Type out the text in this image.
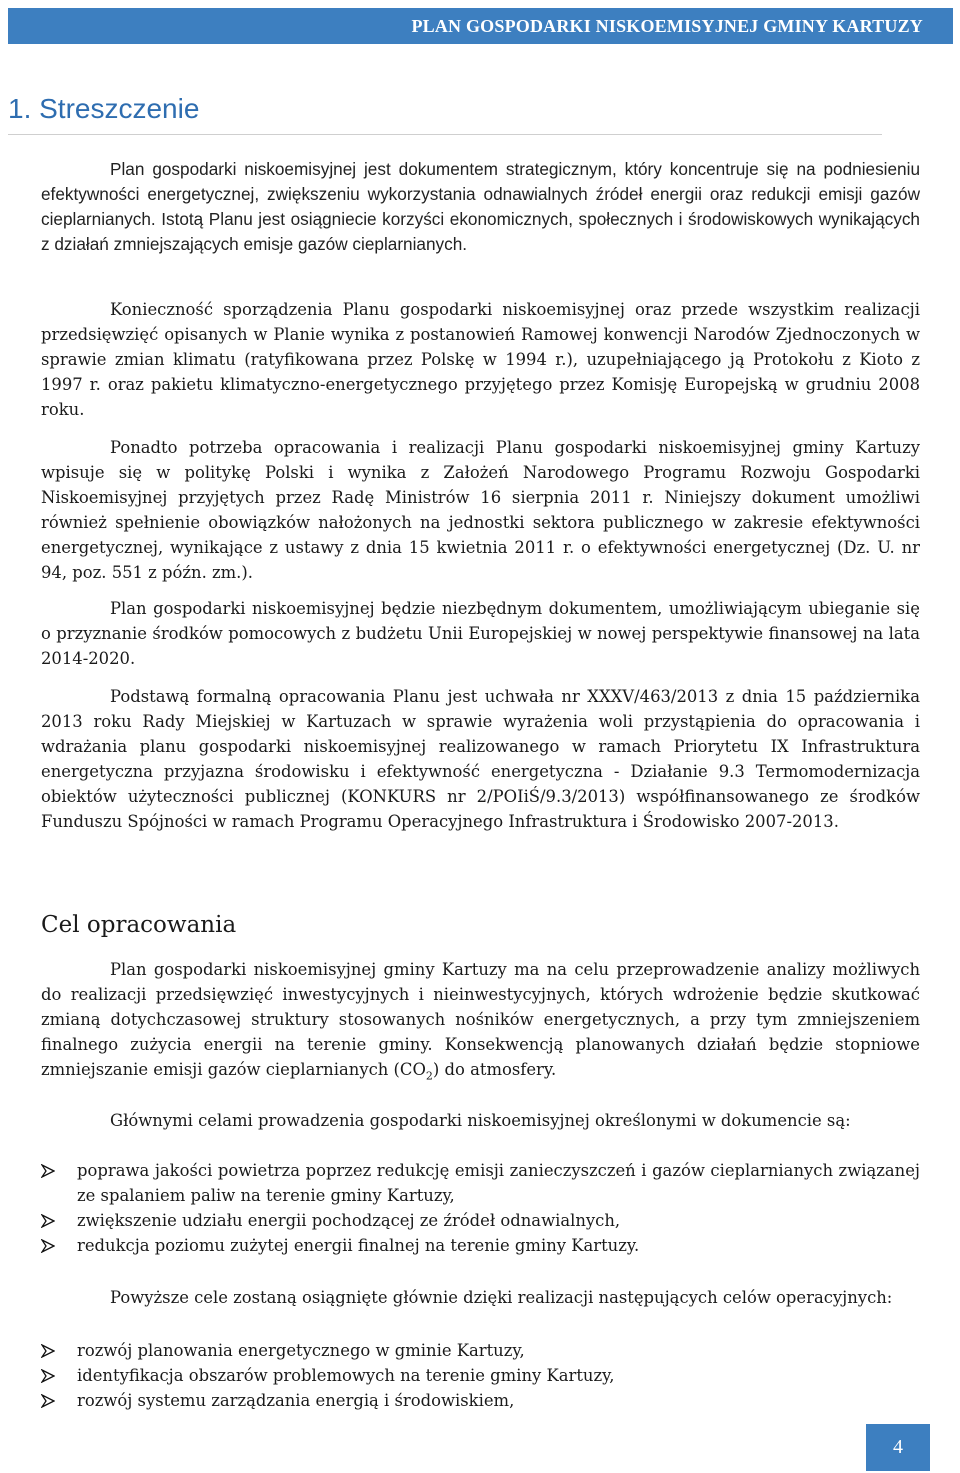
PLAN GOSPODARKI NISKOEMISYJNEJ GMINY KARTUZY
1. Streszczenie

Plan gospodarki niskoemisyjnej jest dokumentem strategicznym, który koncentruje się na podniesieniu efektywności energetycznej, zwiększeniu wykorzystania odnawialnych źródeł energii oraz redukcji emisji gazów cieplarnianych. Istotą Planu jest osiągniecie korzyści ekonomicznych, społecznych i środowiskowych wynikających z działań zmniejszających emisje gazów cieplarnianych.

Konieczność sporządzenia Planu gospodarki niskoemisyjnej oraz przede wszystkim realizacji przedsięwzięć opisanych w Planie wynika z postanowień Ramowej konwencji Narodów Zjednoczonych w sprawie zmian klimatu (ratyfikowana przez Polskę w 1994 r.), uzupełniającego ją Protokołu z Kioto z 1997 r. oraz pakietu klimatyczno-energetycznego przyjętego przez Komisję Europejską w grudniu 2008 roku.

Ponadto potrzeba opracowania i realizacji Planu gospodarki niskoemisyjnej gminy Kartuzy wpisuje się w politykę Polski i wynika z Założeń Narodowego Programu Rozwoju Gospodarki Niskoemisyjnej przyjętych przez Radę Ministrów 16 sierpnia 2011 r. Niniejszy dokument umożliwi również spełnienie obowiązków nałożonych na jednostki sektora publicznego w zakresie efektywności energetycznej, wynikające z ustawy z dnia 15 kwietnia 2011 r. o efektywności energetycznej (Dz. U. nr 94, poz. 551 z późn. zm.).

Plan gospodarki niskoemisyjnej będzie niezbędnym dokumentem, umożliwiającym ubieganie się o przyznanie środków pomocowych z budżetu Unii Europejskiej w nowej perspektywie finansowej na lata 2014-2020.

Podstawą formalną opracowania Planu jest uchwała nr XXXV/463/2013 z dnia 15 października 2013 roku Rady Miejskiej w Kartuzach w sprawie wyrażenia woli przystąpienia do opracowania i wdrażania planu gospodarki niskoemisyjnej realizowanego w ramach Priorytetu IX Infrastruktura energetyczna przyjazna środowisku i efektywność energetyczna - Działanie 9.3 Termomodernizacja obiektów użyteczności publicznej (KONKURS nr 2/POIiŚ/9.3/2013) współfinansowanego ze środków Funduszu Spójności w ramach Programu Operacyjnego Infrastruktura i Środowisko 2007-2013.

Cel opracowania

Plan gospodarki niskoemisyjnej gminy Kartuzy ma na celu przeprowadzenie analizy możliwych do realizacji przedsięwzięć inwestycyjnych i nieinwestycyjnych, których wdrożenie będzie skutkować zmianą dotychczasowej struktury stosowanych nośników energetycznych, a przy tym zmniejszeniem finalnego zużycia energii na terenie gminy. Konsekwencją planowanych działań będzie stopniowe zmniejszanie emisji gazów cieplarnianych $(CO_2)$ do atmosfery.

Głównymi celami prowadzenia gospodarki niskoemisyjnej określonymi w dokumencie są:

poprawa jakości powietrza poprzez redukcję emisji zanieczyszczeń i gazów cieplarnianych związanej ze spalaniem paliw na terenie gminy Kartuzy,
zwiększenie udziału energii pochodzącej ze źródeł odnawialnych,
redukcja poziomu zużytej energii finalnej na terenie gminy Kartuzy.

Powyższe cele zostaną osiągnięte głównie dzięki realizacji następujących celów operacyjnych:

rozwój planowania energetycznego w gminie Kartuzy,
identyfikacja obszarów problemowych na terenie gminy Kartuzy,
rozwój systemu zarządzania energią i środowiskiem,
4
